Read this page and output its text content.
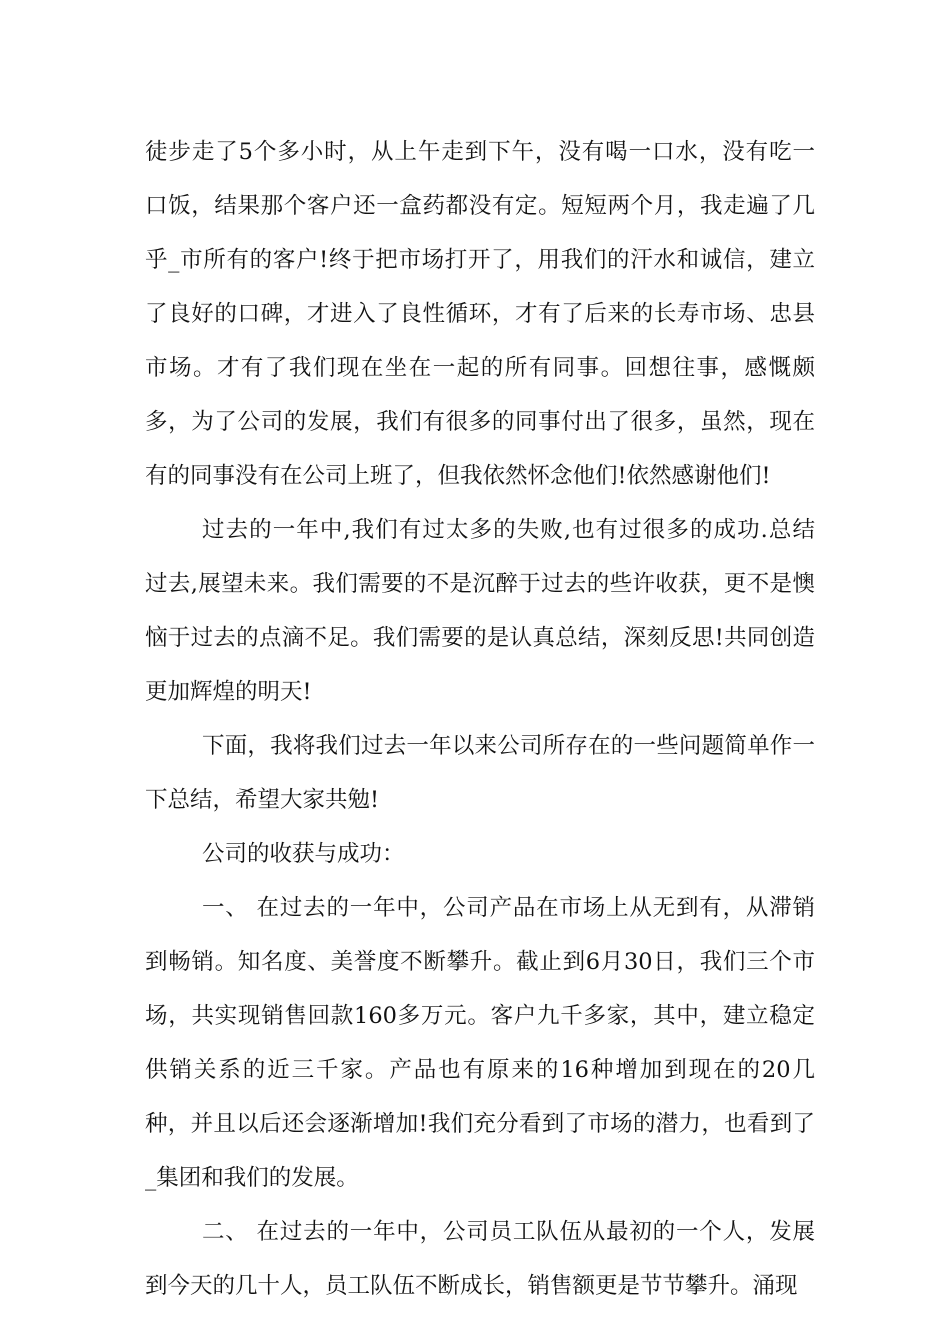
徒步走了5个多小时，从上午走到下午，没有喝一口水，没有吃一
口饭，结果那个客户还一盒药都没有定。短短两个月，我走遍了几
乎_市所有的客户!终于把市场打开了，用我们的汗水和诚信，建立
了良好的口碑，才进入了良性循环，才有了后来的长寿市场、忠县
市场。才有了我们现在坐在一起的所有同事。回想往事，感慨颇
多，为了公司的发展，我们有很多的同事付出了很多，虽然，现在
有的同事没有在公司上班了，但我依然怀念他们!依然感谢他们!
过去的一年中,我们有过太多的失败,也有过很多的成功.总结
过去,展望未来。我们需要的不是沉醉于过去的些许收获，更不是懊
恼于过去的点滴不足。我们需要的是认真总结，深刻反思!共同创造
更加辉煌的明天!
下面，我将我们过去一年以来公司所存在的一些问题简单作一
下总结，希望大家共勉!
公司的收获与成功：
一、 在过去的一年中，公司产品在市场上从无到有，从滞销
到畅销。知名度、美誉度不断攀升。截止到6月30日，我们三个市
场，共实现销售回款160多万元。客户九千多家，其中，建立稳定
供销关系的近三千家。产品也有原来的16种增加到现在的20几
种，并且以后还会逐渐增加!我们充分看到了市场的潜力，也看到了
_集团和我们的发展。
二、 在过去的一年中，公司员工队伍从最初的一个人，发展
到今天的几十人，员工队伍不断成长，销售额更是节节攀升。涌现
